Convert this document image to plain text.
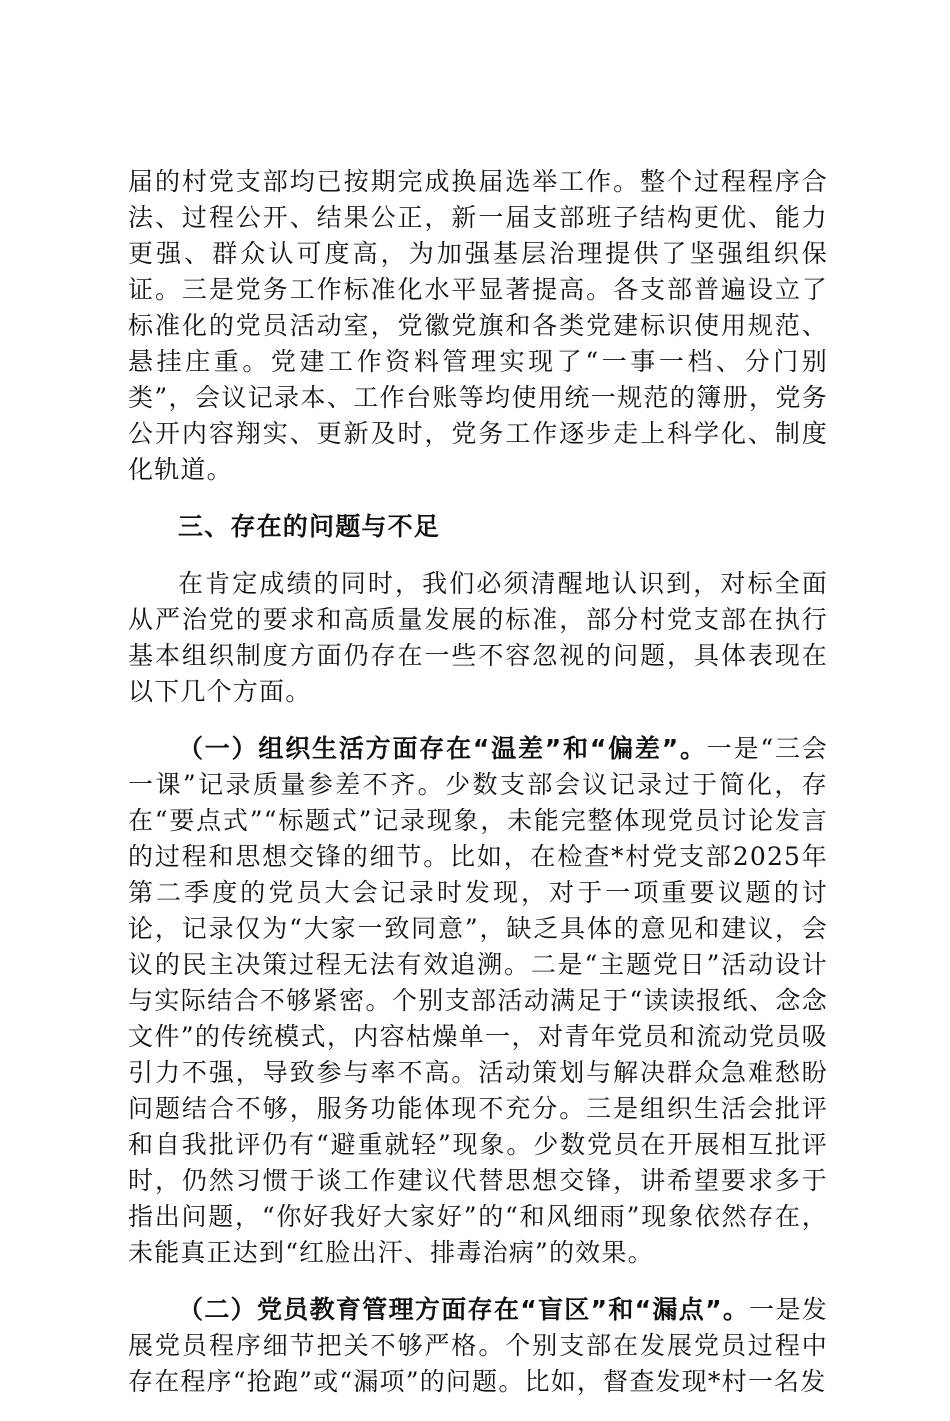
届的村党支部均已按期完成换届选举工作。整个过程程序合法、过程公开、结果公正，新一届支部班子结构更优、能力更强、群众认可度高，为加强基层治理提供了坚强组织保证。三是党务工作标准化水平显著提高。各支部普遍设立了标准化的党员活动室，党徽党旗和各类党建标识使用规范、悬挂庄重。党建工作资料管理实现了“一事一档、分门别类”，会议记录本、工作台账等均使用统一规范的簿册，党务公开内容翔实、更新及时，党务工作逐步走上科学化、制度化轨道。

三、存在的问题与不足

在肯定成绩的同时，我们必须清醒地认识到，对标全面从严治党的要求和高质量发展的标准，部分村党支部在执行基本组织制度方面仍存在一些不容忽视的问题，具体表现在以下几个方面。

（一）组织生活方面存在“温差”和“偏差”。一是“三会一课”记录质量参差不齐。少数支部会议记录过于简化，存在“要点式”“标题式”记录现象，未能完整体现党员讨论发言的过程和思想交锋的细节。比如，在检查*村党支部2025年第二季度的党员大会记录时发现，对于一项重要议题的讨论，记录仅为“大家一致同意”，缺乏具体的意见和建议，会议的民主决策过程无法有效追溯。二是“主题党日”活动设计与实际结合不够紧密。个别支部活动满足于“读读报纸、念念文件”的传统模式，内容枯燥单一，对青年党员和流动党员吸引力不强，导致参与率不高。活动策划与解决群众急难愁盼问题结合不够，服务功能体现不充分。三是组织生活会批评和自我批评仍有“避重就轻”现象。少数党员在开展相互批评时，仍然习惯于谈工作建议代替思想交锋，讲希望要求多于指出问题，“你好我好大家好”的“和风细雨”现象依然存在，未能真正达到“红脸出汗、排毒治病”的效果。

（二）党员教育管理方面存在“盲区”和“漏点”。一是发展党员程序细节把关不够严格。个别支部在发展党员过程中存在程序“抢跑”或“漏项”的问题。比如，督查发现*村一名发
